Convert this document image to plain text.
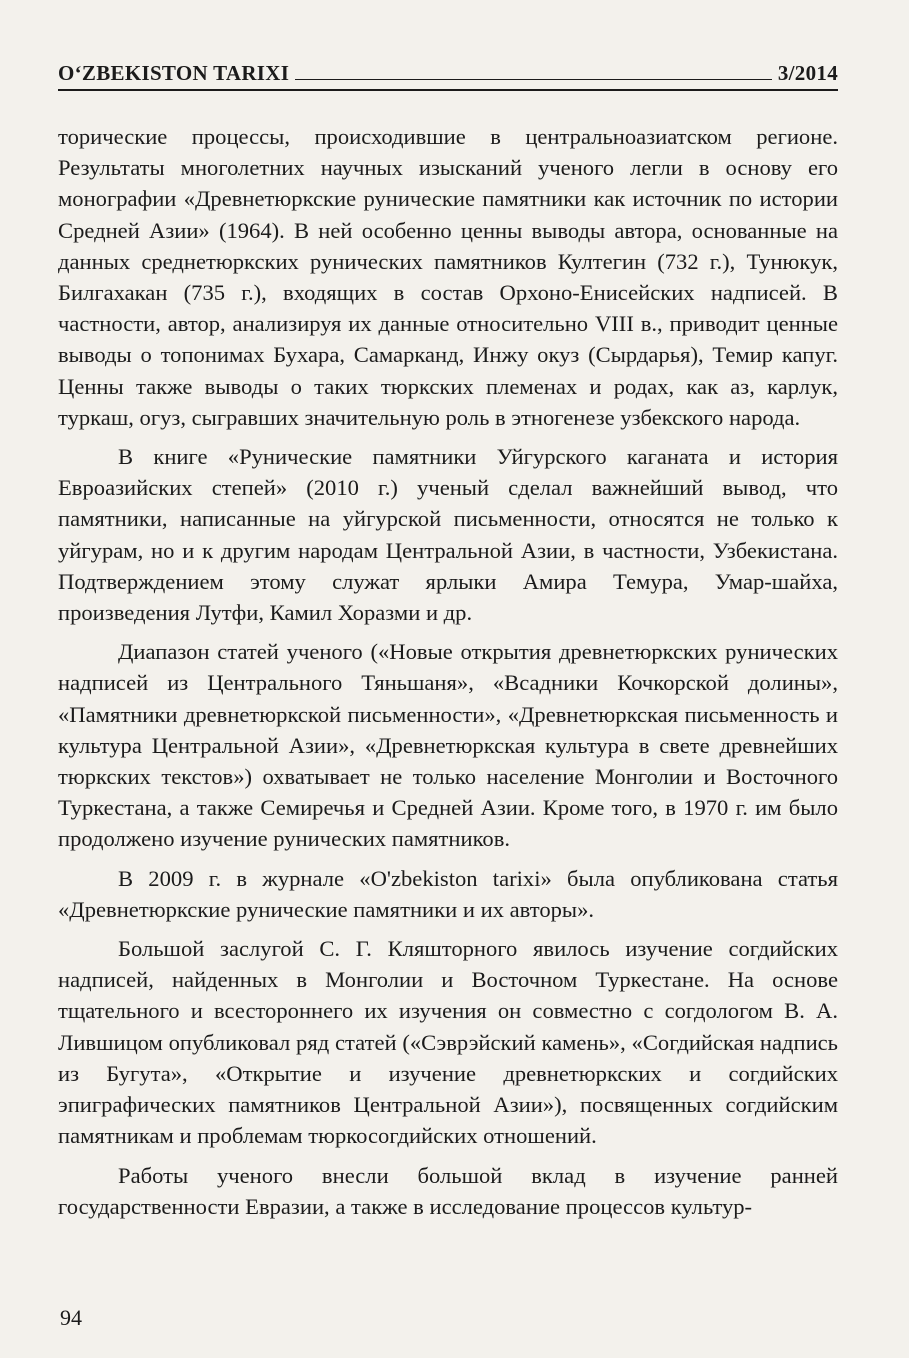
O‘ZBEKISTON TARIXI	3/2014

торические процессы, происходившие в центральноазиатском регионе. Результаты многолетних научных изысканий ученого легли в основу его монографии «Древнетюркские рунические памятники как источник по истории Средней Азии» (1964). В ней особенно ценны выводы автора, основанные на данных среднетюркских рунических памятников Култегин (732 г.), Тунюкук, Билгахакан (735 г.), входящих в состав Орхоно-Енисейских надписей. В частности, автор, анализируя их данные относительно VIII в., приводит ценные выводы о топонимах Бухара, Самарканд, Инжу окуз (Сырдарья), Темир капуг. Ценны также выводы о таких тюркских племенах и родах, как аз, карлук, туркаш, огуз, сыгравших значительную роль в этногенезе узбекского народа.

В книге «Рунические памятники Уйгурского каганата и история Евроазийских степей» (2010 г.) ученый сделал важнейший вывод, что памятники, написанные на уйгурской письменности, относятся не только к уйгурам, но и к другим народам Центральной Азии, в частности, Узбекистана. Подтверждением этому служат ярлыки Амира Темура, Умар-шайха, произведения Лутфи, Камил Хоразми и др.

Диапазон статей ученого («Новые открытия древнетюркских рунических надписей из Центрального Тяньшаня», «Всадники Кочкорской долины», «Памятники древнетюркской письменности», «Древнетюркская письменность и культура Центральной Азии», «Древнетюркская культура в свете древнейших тюркских текстов») охватывает не только население Монголии и Восточного Туркестана, а также Семиречья и Средней Азии. Кроме того, в 1970 г. им было продолжено изучение рунических памятников.

В 2009 г. в журнале «O'zbekiston tarixi» была опубликована статья «Древнетюркские рунические памятники и их авторы».

Большой заслугой С. Г. Кляшторного явилось изучение согдийских надписей, найденных в Монголии и Восточном Туркестане. На основе тщательного и всестороннего их изучения он совместно с согдологом В. А. Лившицом опубликовал ряд статей («Сэврэйский камень», «Согдийская надпись из Бугута», «Открытие и изучение древнетюркских и согдийских эпиграфических памятников Центральной Азии»), посвященных согдийским памятникам и проблемам тюркосогдийских отношений.

Работы ученого внесли большой вклад в изучение ранней государственности Евразии, а также в исследование процессов культур-

94
